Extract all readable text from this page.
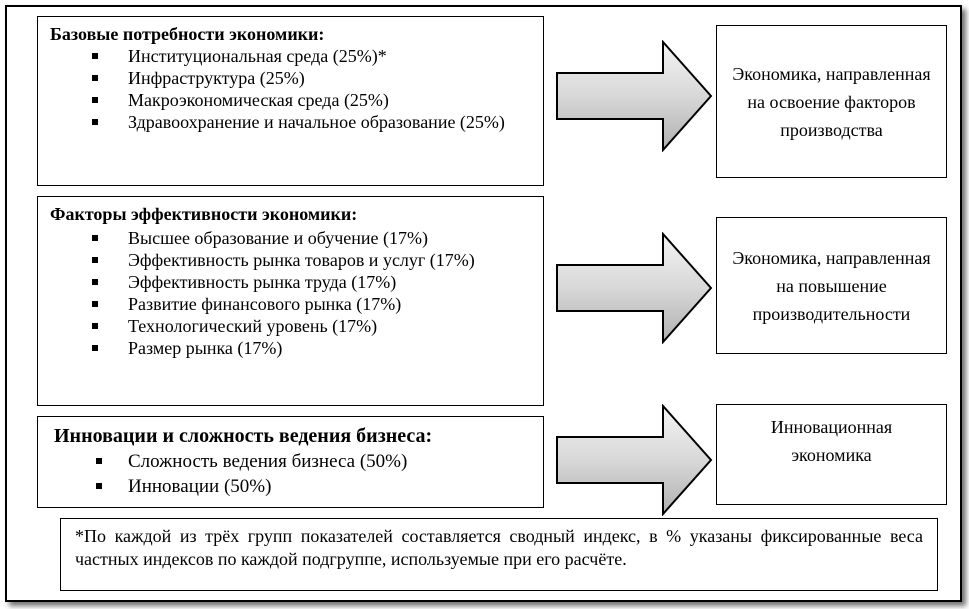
Базовые потребности экономики:
Институциональная среда (25%)*
Инфраструктура (25%)
Макроэкономическая среда (25%)
Здравоохранение и начальное образование (25%)
Экономика, направленная на освоение факторов производства
Факторы эффективности экономики:
Высшее образование и обучение (17%)
Эффективность рынка товаров и услуг (17%)
Эффективность рынка труда (17%)
Развитие финансового рынка (17%)
Технологический уровень (17%)
Размер рынка (17%)
Экономика, направленная на повышение производительности
Инновации и сложность ведения бизнеса:
Сложность ведения бизнеса (50%)
Инновации (50%)
Инновационная экономика
*По каждой из трёх групп показателей составляется сводный индекс, в % указаны фиксированные веса частных индексов по каждой подгруппе, используемые при его расчёте.
